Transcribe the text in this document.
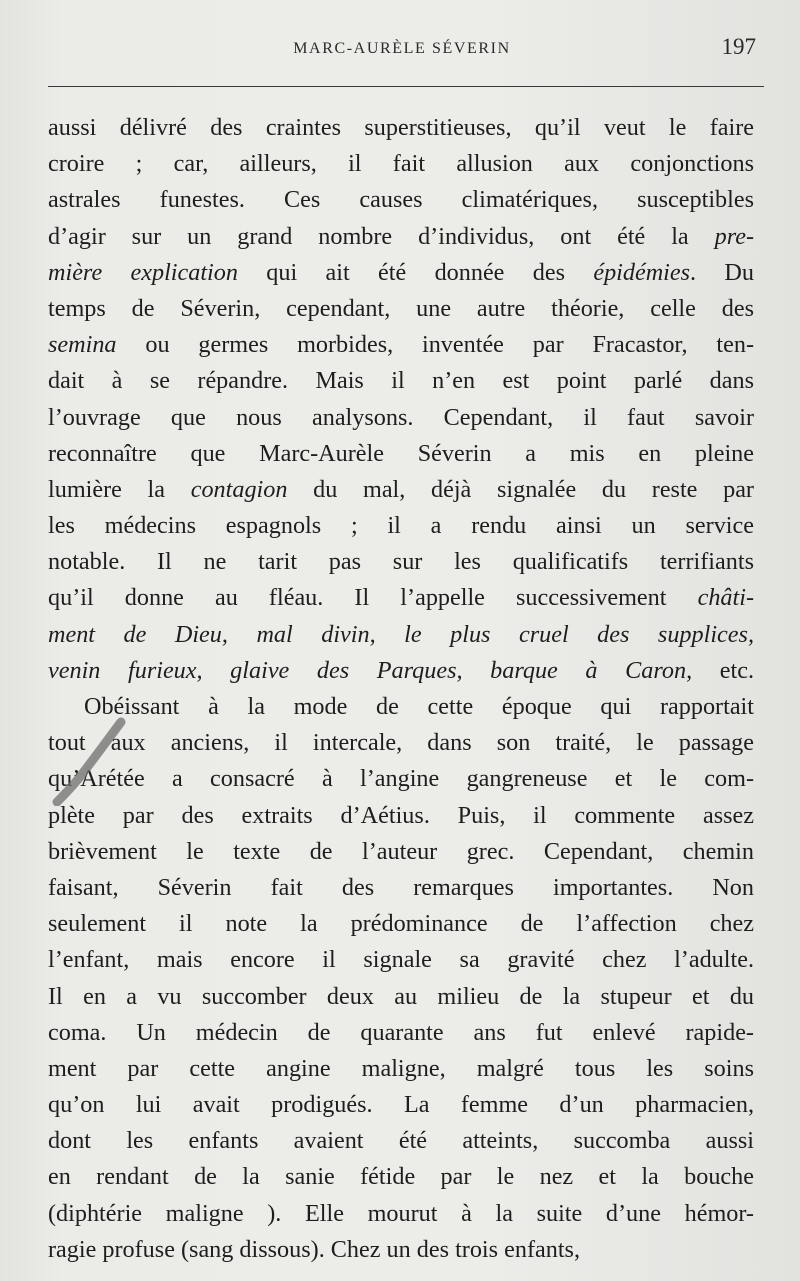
MARC-AURÈLE SÉVERIN	197
aussi délivré des craintes superstitieuses, qu’il veut le faire
croire ; car, ailleurs, il fait allusion aux conjonctions
astrales funestes. Ces causes climatériques, susceptibles
d’agir sur un grand nombre d’individus, ont été la pre-
mière explication qui ait été donnée des épidémies. Du
temps de Séverin, cependant, une autre théorie, celle des
semina ou germes morbides, inventée par Fracastor, ten-
dait à se répandre. Mais il n’en est point parlé dans
l’ouvrage que nous analysons. Cependant, il faut savoir
reconnaître que Marc-Aurèle Séverin a mis en pleine
lumière la contagion du mal, déjà signalée du reste par
les médecins espagnols ; il a rendu ainsi un service
notable. Il ne tarit pas sur les qualificatifs terrifiants
qu’il donne au fléau. Il l’appelle successivement châti-
ment de Dieu, mal divin, le plus cruel des supplices,
venin furieux, glaive des Parques, barque à Caron, etc.
Obéissant à la mode de cette époque qui rapportait
tout aux anciens, il intercale, dans son traité, le passage
qu’Arétée a consacré à l’angine gangreneuse et le com-
plète par des extraits d’Aétius. Puis, il commente assez
brièvement le texte de l’auteur grec. Cependant, chemin
faisant, Séverin fait des remarques importantes. Non
seulement il note la prédominance de l’affection chez
l’enfant, mais encore il signale sa gravité chez l’adulte.
Il en a vu succomber deux au milieu de la stupeur et du
coma. Un médecin de quarante ans fut enlevé rapide-
ment par cette angine maligne, malgré tous les soins
qu’on lui avait prodigués. La femme d’un pharmacien,
dont les enfants avaient été atteints, succomba aussi
en rendant de la sanie fétide par le nez et la bouche
(diphtérie maligne ). Elle mourut à la suite d’une hémor-
ragie profuse (sang dissous). Chez un des trois enfants,
